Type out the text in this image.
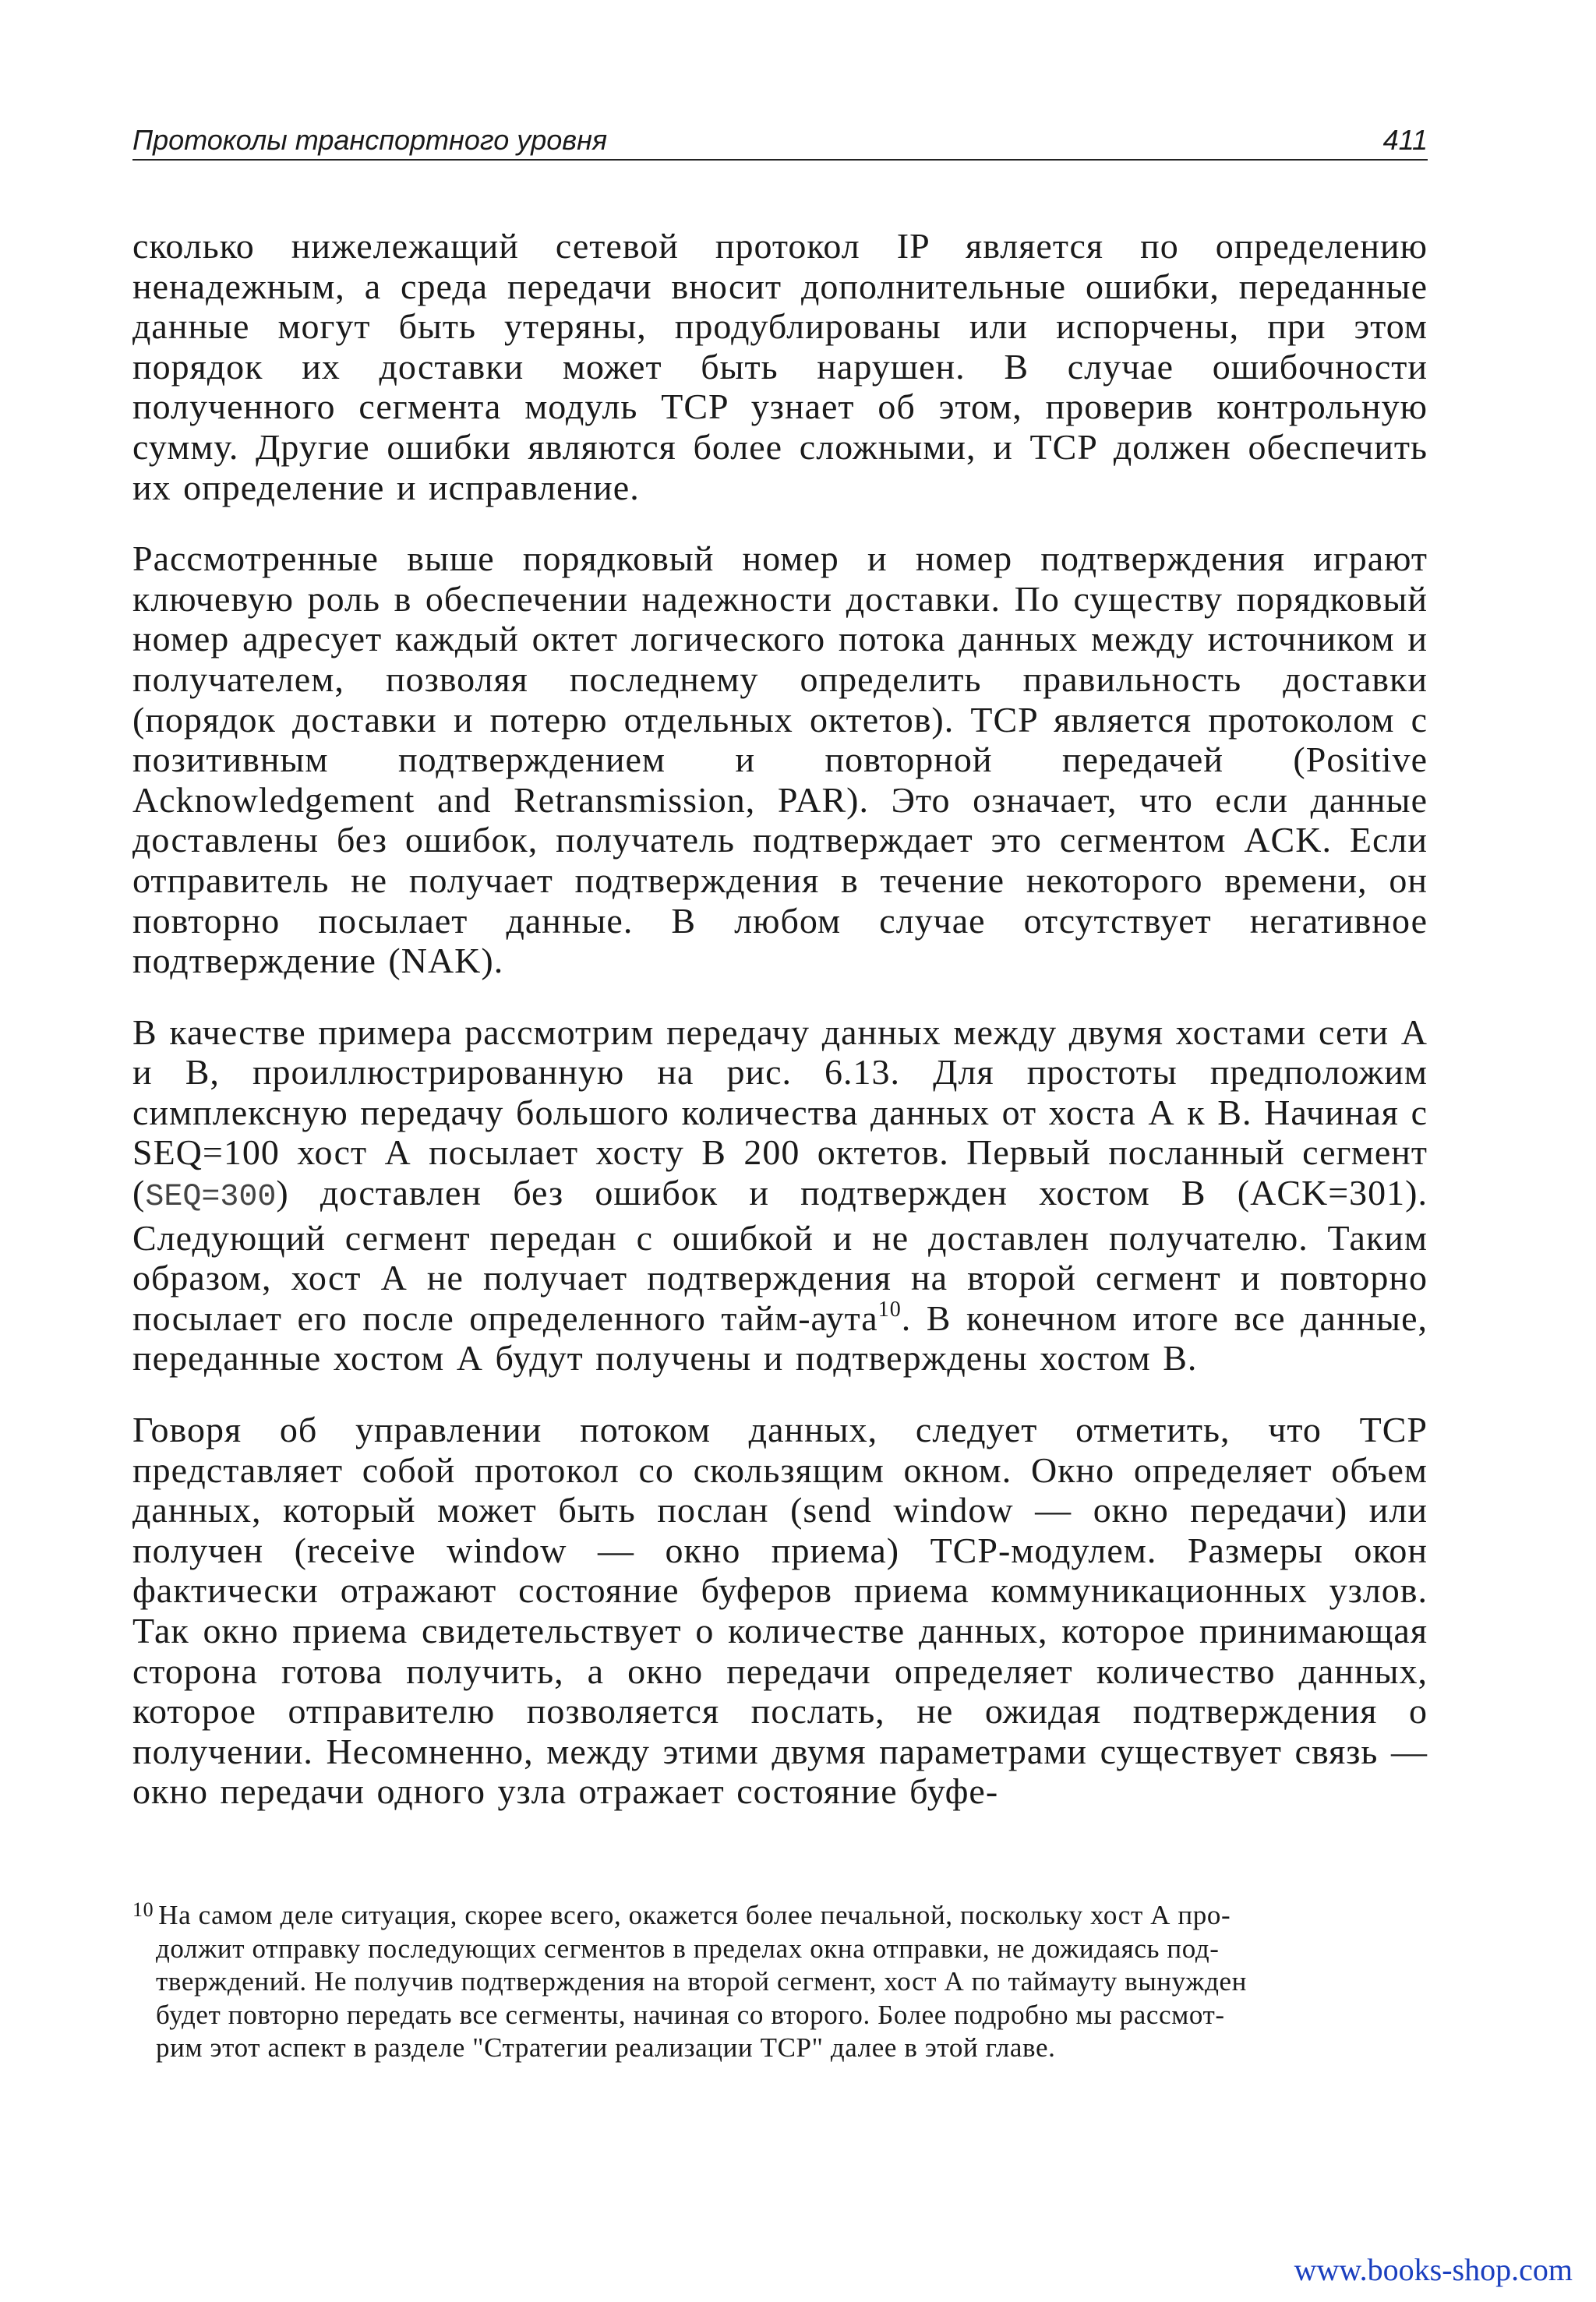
Протоколы транспортного уровня	411

сколько нижележащий сетевой протокол IP является по определению ненадежным, а среда передачи вносит дополнительные ошибки, переданные данные могут быть утеряны, продублированы или испорчены, при этом порядок их доставки может быть нарушен. В случае ошибочности полученного сегмента модуль TCP узнает об этом, проверив контрольную сумму. Другие ошибки являются более сложными, и TCP должен обеспечить их определение и исправление.

Рассмотренные выше порядковый номер и номер подтверждения играют ключевую роль в обеспечении надежности доставки. По существу порядковый номер адресует каждый октет логического потока данных между источником и получателем, позволяя последнему определить правильность доставки (порядок доставки и потерю отдельных октетов). TCP является протоколом с позитивным подтверждением и повторной передачей (Positive Acknowledgement and Retransmission, PAR). Это означает, что если данные доставлены без ошибок, получатель подтверждает это сегментом ACK. Если отправитель не получает подтверждения в течение некоторого времени, он повторно посылает данные. В любом случае отсутствует негативное подтверждение (NAK).

В качестве примера рассмотрим передачу данных между двумя хостами сети А и В, проиллюстрированную на рис. 6.13. Для простоты предположим симплексную передачу большого количества данных от хоста А к В. Начиная с SEQ=100 хост А посылает хосту В 200 октетов. Первый посланный сегмент (SEQ=300) доставлен без ошибок и подтвержден хостом В (ACK=301). Следующий сегмент передан с ошибкой и не доставлен получателю. Таким образом, хост А не получает подтверждения на второй сегмент и повторно посылает его после определенного тайм-аута$^{10}$. В конечном итоге все данные, переданные хостом А будут получены и подтверждены хостом В.

Говоря об управлении потоком данных, следует отметить, что TCP представляет собой протокол со скользящим окном. Окно определяет объем данных, который может быть послан (send window — окно передачи) или получен (receive window — окно приема) TCP-модулем. Размеры окон фактически отражают состояние буферов приема коммуникационных узлов. Так окно приема свидетельствует о количестве данных, которое принимающая сторона готова получить, а окно передачи определяет количество данных, которое отправителю позволяется послать, не ожидая подтверждения о получении. Несомненно, между этими двумя параметрами существует связь — окно передачи одного узла отражает состояние буфе-

$^{10}$ На самом деле ситуация, скорее всего, окажется более печальной, поскольку хост А про-
должит отправку последующих сегментов в пределах окна отправки, не дожидаясь под-
тверждений. Не получив подтверждения на второй сегмент, хост А по таймауту вынужден
будет повторно передать все сегменты, начиная со второго. Более подробно мы рассмот-
рим этот аспект в разделе "Стратегии реализации TCP" далее в этой главе.
www.books-shop.com
